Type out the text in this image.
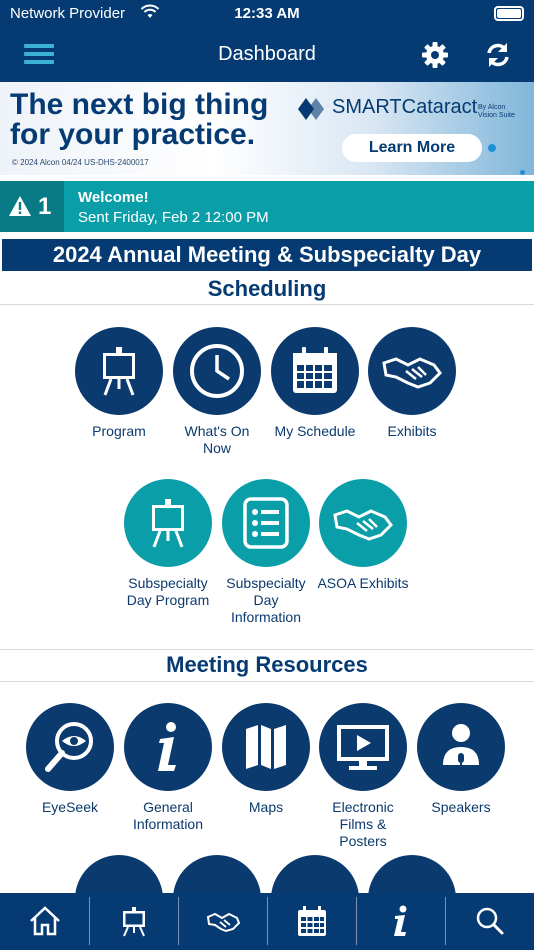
Network Provider	12:33 AM
Dashboard
The next big thing
for your practice.
© 2024 Alcon 04/24 US-DHS-2400017
SMARTCataract By Alcon
Vision Suite
Learn More
1 Welcome!
Sent Friday, Feb 2 12:00 PM
2024 Annual Meeting & Subspecialty Day
Scheduling
Program	What's On Now
My Schedule	Exhibits
Subspecialty Day Program
Subspecialty Day Information
ASOA Exhibits
Meeting Resources
EyeSeek	General Information
Maps	Electronic Films & Posters
Speakers
